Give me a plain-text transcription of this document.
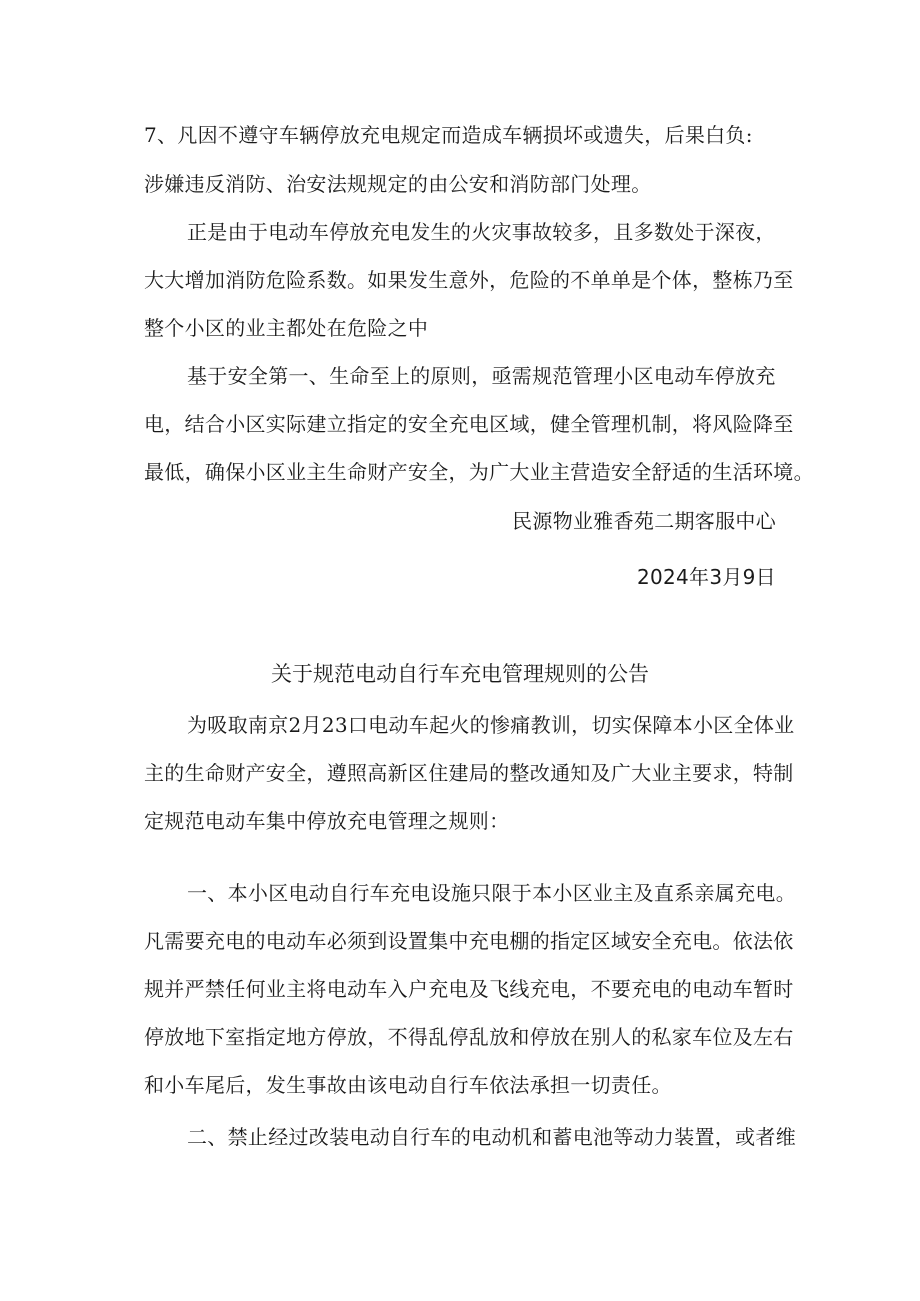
7、凡因不遵守车辆停放充电规定而造成车辆损坏或遗失，后果白负:
涉嫌违反消防、治安法规规定的由公安和消防部门处理。
正是由于电动车停放充电发生的火灾事故较多，且多数处于深夜，
大大增加消防危险系数。如果发生意外，危险的不单单是个体，整栋乃至
整个小区的业主都处在危险之中
基于安全第一、生命至上的原则，亟需规范管理小区电动车停放充
电，结合小区实际建立指定的安全充电区域，健全管理机制，将风险降至
最低，确保小区业主生命财产安全，为广大业主营造安全舒适的生活环境。
民源物业雅香苑二期客服中心
2024年3月9日
关于规范电动自行车充电管理规则的公告
为吸取南京2月23口电动车起火的惨痛教训，切实保障本小区全体业
主的生命财产安全，遵照高新区住建局的整改通知及广大业主要求，特制
定规范电动车集中停放充电管理之规则：
一、本小区电动自行车充电设施只限于本小区业主及直系亲属充电。
凡需要充电的电动车必须到设置集中充电棚的指定区域安全充电。依法依
规并严禁任何业主将电动车入户充电及飞线充电，不要充电的电动车暂时
停放地下室指定地方停放，不得乱停乱放和停放在别人的私家车位及左右
和小车尾后，发生事故由该电动自行车依法承担一切责任。
二、禁止经过改装电动自行车的电动机和蓄电池等动力装置，或者维
